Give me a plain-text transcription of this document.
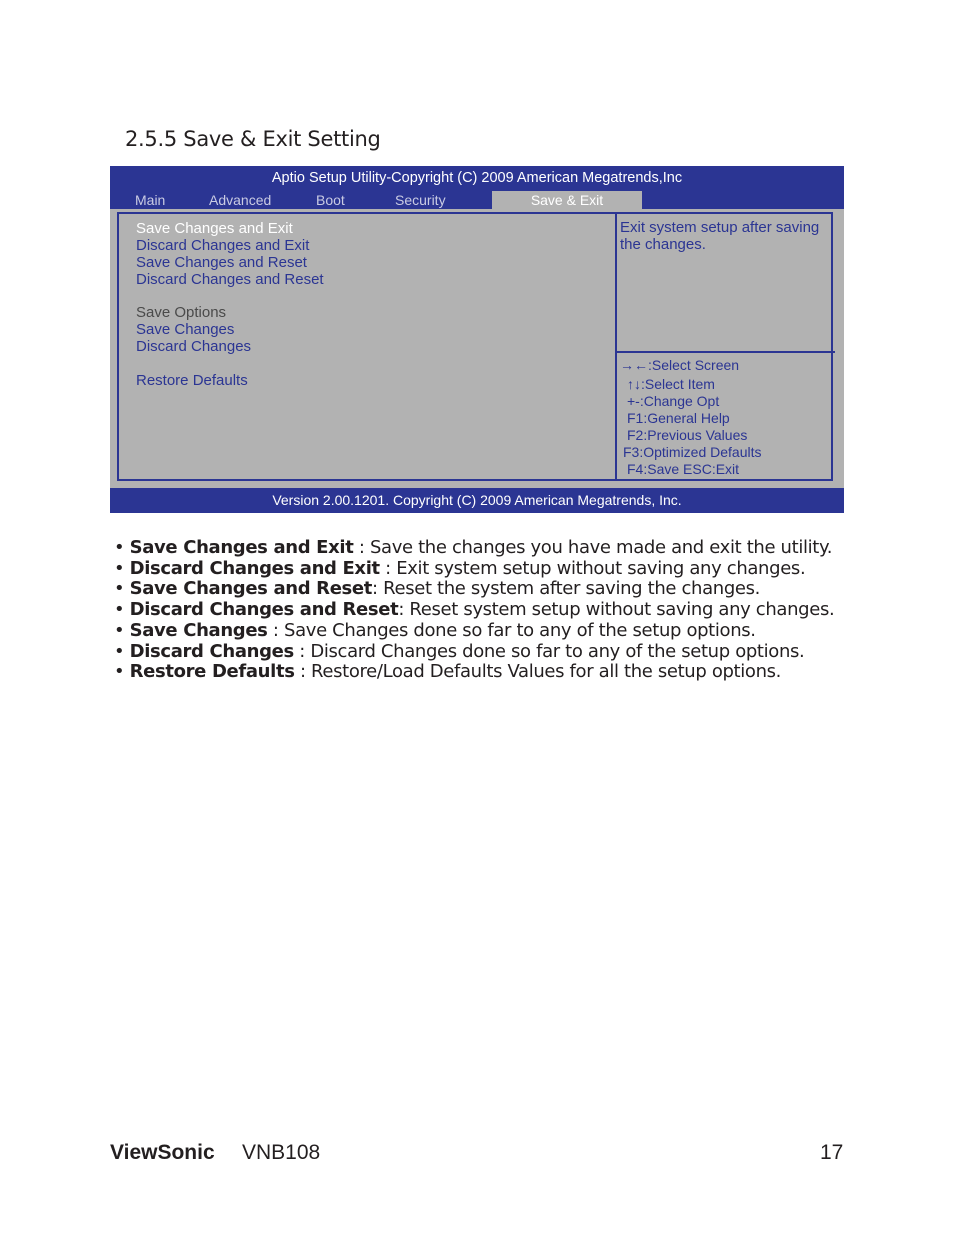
2.5.5 Save & Exit Setting
Aptio Setup Utility-Copyright (C) 2009 American Megatrends,Inc
Main	Advanced	Boot	Security	Save & Exit
Save Changes and Exit
Discard Changes and Exit
Save Changes and Reset
Discard Changes and Reset
Save Options
Save Changes
Discard Changes
Restore Defaults
Exit system setup after saving the changes.
→←:Select Screen
↑↓:Select Item
+-:Change Opt
F1:General Help
F2:Previous Values
F3:Optimized Defaults
F4:Save ESC:Exit
Version 2.00.1201. Copyright (C) 2009 American Megatrends, Inc.
• Save Changes and Exit : Save the changes you have made and exit the utility.
• Discard Changes and Exit : Exit system setup without saving any changes.
• Save Changes and Reset: Reset the system after saving the changes.
• Discard Changes and Reset: Reset system setup without saving any changes.
• Save Changes : Save Changes done so far to any of the setup options.
• Discard Changes : Discard Changes done so far to any of the setup options.
• Restore Defaults : Restore/Load Defaults Values for all the setup options.
ViewSonic VNB108	17
